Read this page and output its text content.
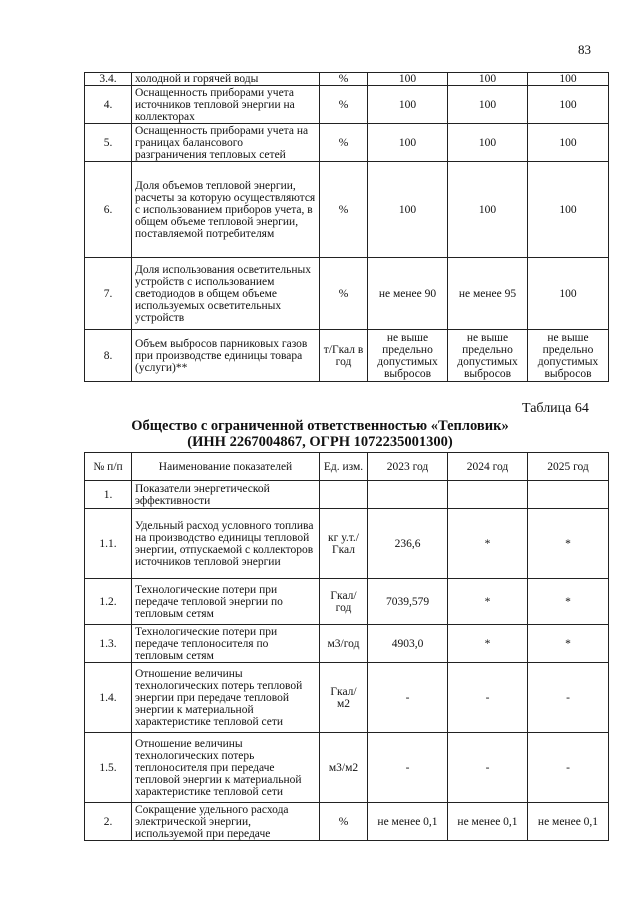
83
3.4.	холодной и горячей воды	%	100	100	100
4.	Оснащенность приборами учета источников тепловой энергии на коллекторах	%	100	100	100
5.	Оснащенность приборами учета на границах балансового разграничения тепловых сетей	%	100	100	100
6.	Доля объемов тепловой энергии, расчеты за которую осуществляются с использованием приборов учета, в общем объеме тепловой энергии, поставляемой потребителям	%	100	100	100
7.	Доля использования осветительных устройств с использованием светодиодов в общем объеме используемых осветительных устройств	%	не менее 90	не менее 95	100
8.	Объем выбросов парниковых газов при производстве единицы товара (услуги)**	т/Гкал в год	не выше предельно допустимых выбросов	не выше предельно допустимых выбросов	не выше предельно допустимых выбросов
Таблица 64
Общество с ограниченной ответственностью «Тепловик»
(ИНН 2267004867, ОГРН 1072235001300)
№ п/п	Наименование показателей	Ед. изм.	2023 год	2024 год	2025 год
1.	Показатели энергетической эффективности				
1.1.	Удельный расход условного топлива на производство единицы тепловой энергии, отпускаемой с коллекторов источников тепловой энергии	кг у.т./ Гкал	236,6	*	*
1.2.	Технологические потери при передаче тепловой энергии по тепловым сетям	Гкал/ год	7039,579	*	*
1.3.	Технологические потери при передаче теплоносителя по тепловым сетям	м3/год	4903,0	*	*
1.4.	Отношение величины технологических потерь тепловой энергии при передаче тепловой энергии к материальной характеристике тепловой сети	Гкал/ м2	-	-	-
1.5.	Отношение величины технологических потерь теплоносителя при передаче тепловой энергии к материальной характеристике тепловой сети	м3/м2	-	-	-
2.	Сокращение удельного расхода электрической энергии, используемой при передаче	%	не менее 0,1	не менее 0,1	не менее 0,1
